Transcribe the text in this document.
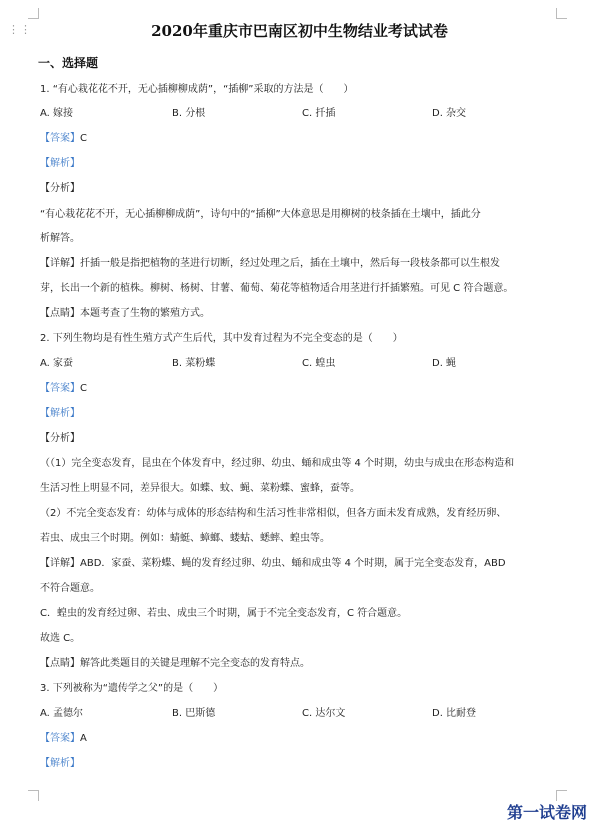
⋮⋮	2020年重庆市巴南区初中生物结业考试试卷
一、选择题
1. “有心栽花花不开，无心插柳柳成荫”，“插柳”采取的方法是（　　）
A. 嫁接	B. 分根	C. 扦插	D. 杂交
【答案】C
【解析】
【分析】
“有心栽花花不开，无心插柳柳成荫”，诗句中的“插柳”大体意思是用柳树的枝条插在土壤中，插此分
析解答。
【详解】扦插一般是指把植物的茎进行切断，经过处理之后，插在土壤中，然后每一段枝条都可以生根发
芽，长出一个新的植株。柳树、杨树、甘薯、葡萄、菊花等植物适合用茎进行扦插繁殖。可见 C 符合题意。
【点睛】本题考查了生物的繁殖方式。
2. 下列生物均是有性生殖方式产生后代，其中发育过程为不完全变态的是（　　）
A. 家蚕	B. 菜粉蝶	C. 蝗虫	D. 蝇
【答案】C
【解析】
【分析】
（（1）完全变态发育，昆虫在个体发育中，经过卵、幼虫、蛹和成虫等 4 个时期，幼虫与成虫在形态构造和
生活习性上明显不同，差异很大。如蝶、蚊、蝇、菜粉蝶、蜜蜂，蚕等。
（2）不完全变态发育：幼体与成体的形态结构和生活习性非常相似，但各方面未发育成熟，发育经历卵、
若虫、成虫三个时期。例如：蜻蜓、蟑螂、蝼蛄、蟋蟀、蝗虫等。
【详解】ABD．家蚕、菜粉蝶、蝇的发育经过卵、幼虫、蛹和成虫等 4 个时期，属于完全变态发育，ABD
不符合题意。
C．蝗虫的发育经过卵、若虫、成虫三个时期，属于不完全变态发育，C 符合题意。
故选 C。
【点睛】解答此类题目的关键是理解不完全变态的发育特点。
3. 下列被称为“遗传学之父”的是（　　）
A. 孟德尔	B. 巴斯德	C. 达尔文	D. 比耐登
【答案】A
【解析】
第一试卷网
